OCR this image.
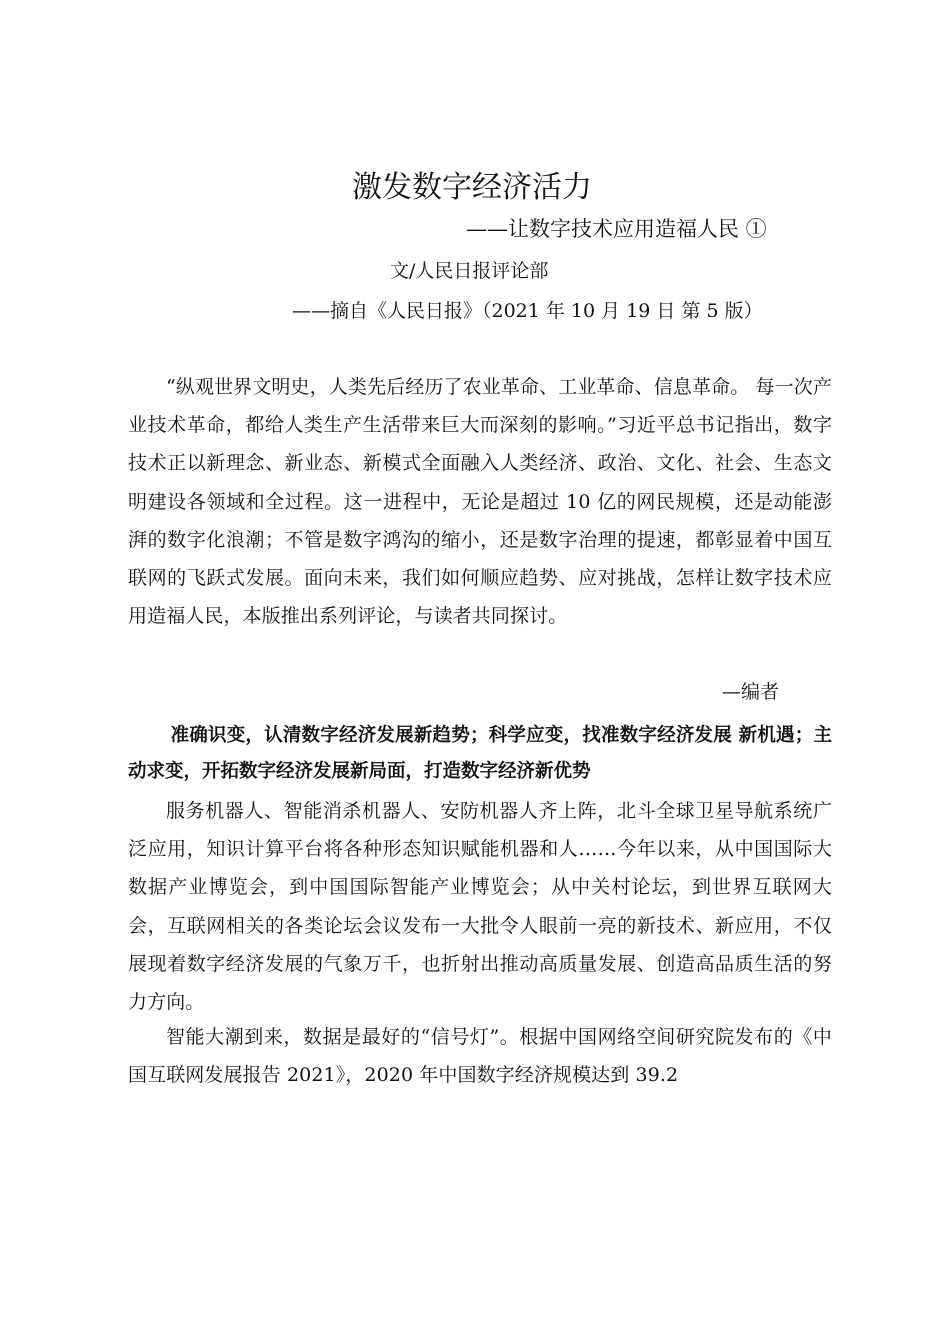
激发数字经济活力
——让数字技术应用造福人民 ①
文/人民日报评论部
——摘自《人民日报》（2021 年 10 月 19 日 第 5 版）

“纵观世界文明史，人类先后经历了农业革命、工业革命、信息革命。 每一次产业技术革命，都给人类生产生活带来巨大而深刻的影响。”习近平总书记指出，数字技术正以新理念、新业态、新模式全面融入人类经济、政治、文化、社会、生态文明建设各领域和全过程。这一进程中，无论是超过 10 亿的网民规模，还是动能澎湃的数字化浪潮；不管是数字鸿沟的缩小，还是数字治理的提速，都彰显着中国互联网的飞跃式发展。面向未来，我们如何顺应趋势、应对挑战，怎样让数字技术应用造福人民，本版推出系列评论，与读者共同探讨。

—编者

准确识变，认清数字经济发展新趋势；科学应变，找准数字经济发展 新机遇；主动求变，开拓数字经济发展新局面，打造数字经济新优势

服务机器人、智能消杀机器人、安防机器人齐上阵，北斗全球卫星导航系统广泛应用，知识计算平台将各种形态知识赋能机器和人……今年以来，从中国国际大数据产业博览会，到中国国际智能产业博览会；从中关村论坛，到世界互联网大会，互联网相关的各类论坛会议发布一大批令人眼前一亮的新技术、新应用，不仅展现着数字经济发展的气象万千，也折射出推动高质量发展、创造高品质生活的努力方向。

智能大潮到来，数据是最好的“信号灯”。根据中国网络空间研究院发布的《中国互联网发展报告 2021》，2020 年中国数字经济规模达到 39.2
